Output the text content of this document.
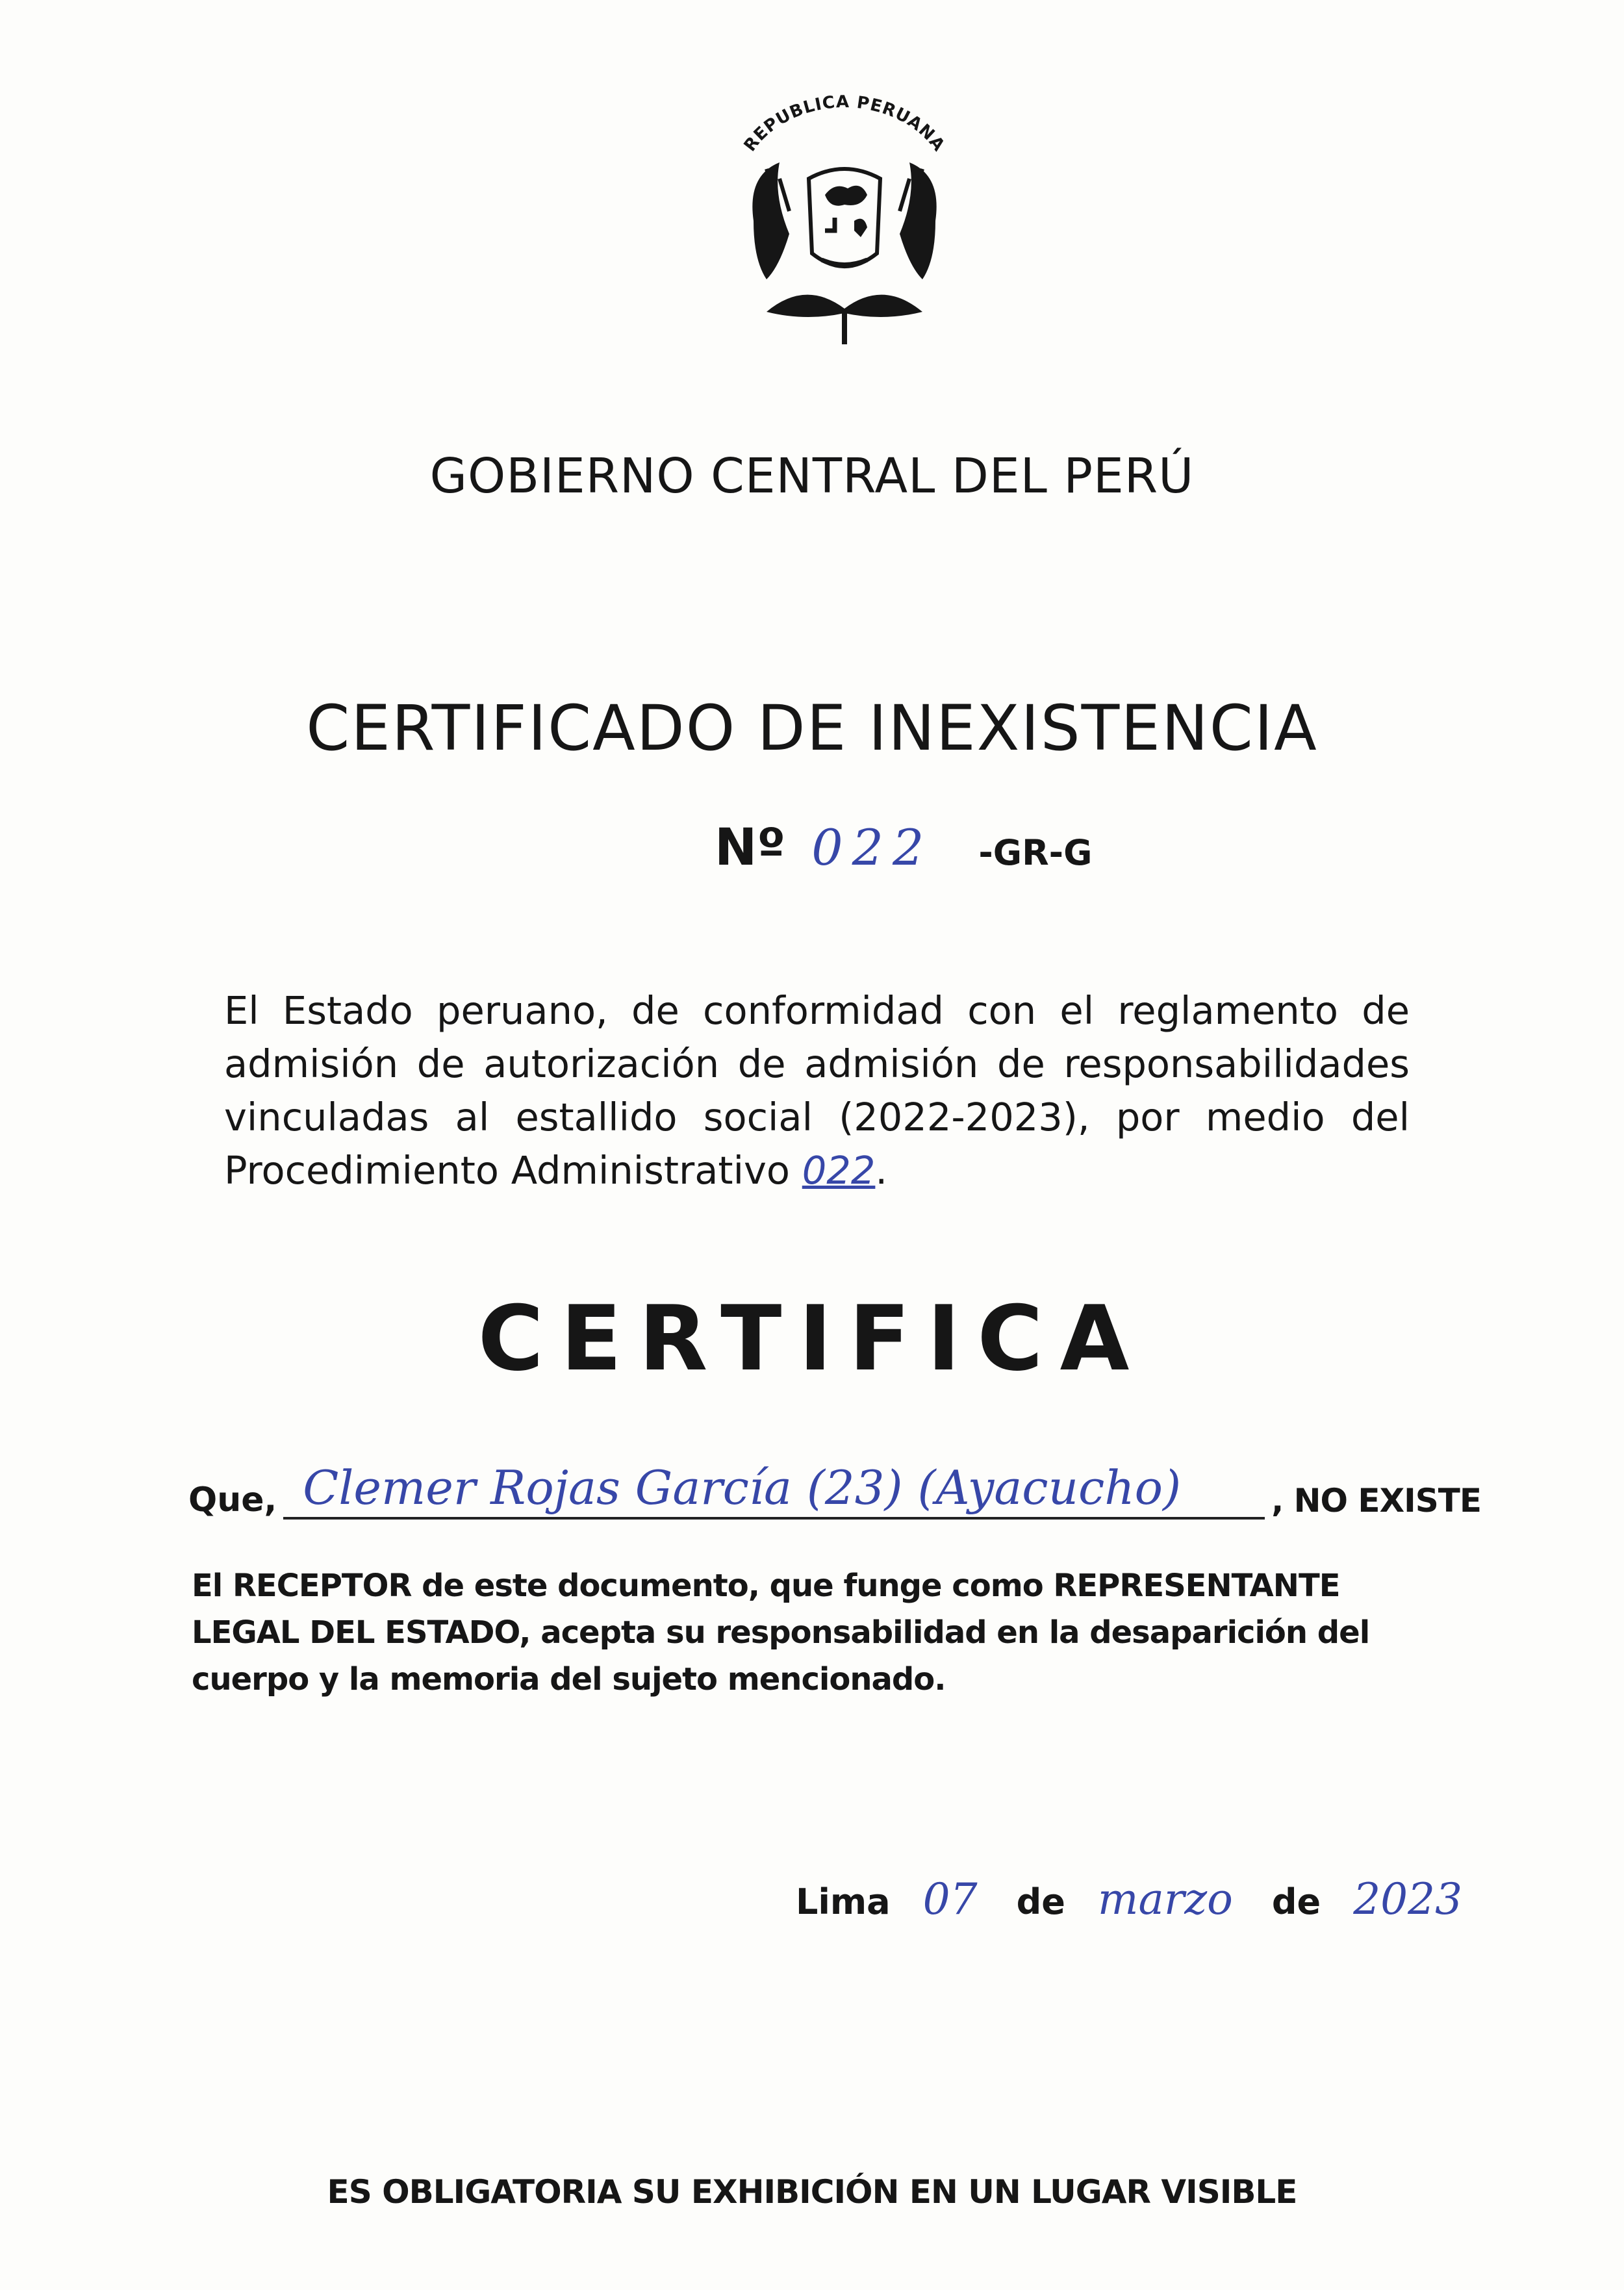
REPUBLICA PERUANA
GOBIERNO CENTRAL DEL PERÚ
CERTIFICADO DE INEXISTENCIA
Nº 022 -GR-G
El Estado peruano, de conformidad con el reglamento de admisión de autorización de admisión de responsabilidades vinculadas al estallido social (2022-2023), por medio del Procedimiento Administrativo 022.
CERTIFICA
Que, Clemer Rojas García (23) (Ayacucho)	, NO EXISTE
El RECEPTOR de este documento, que funge como REPRESENTANTE LEGAL DEL ESTADO, acepta su responsabilidad en la desaparición del cuerpo y la memoria del sujeto mencionado.
Lima 07 de marzo de 2023
ES OBLIGATORIA SU EXHIBICIÓN EN UN LUGAR VISIBLE
